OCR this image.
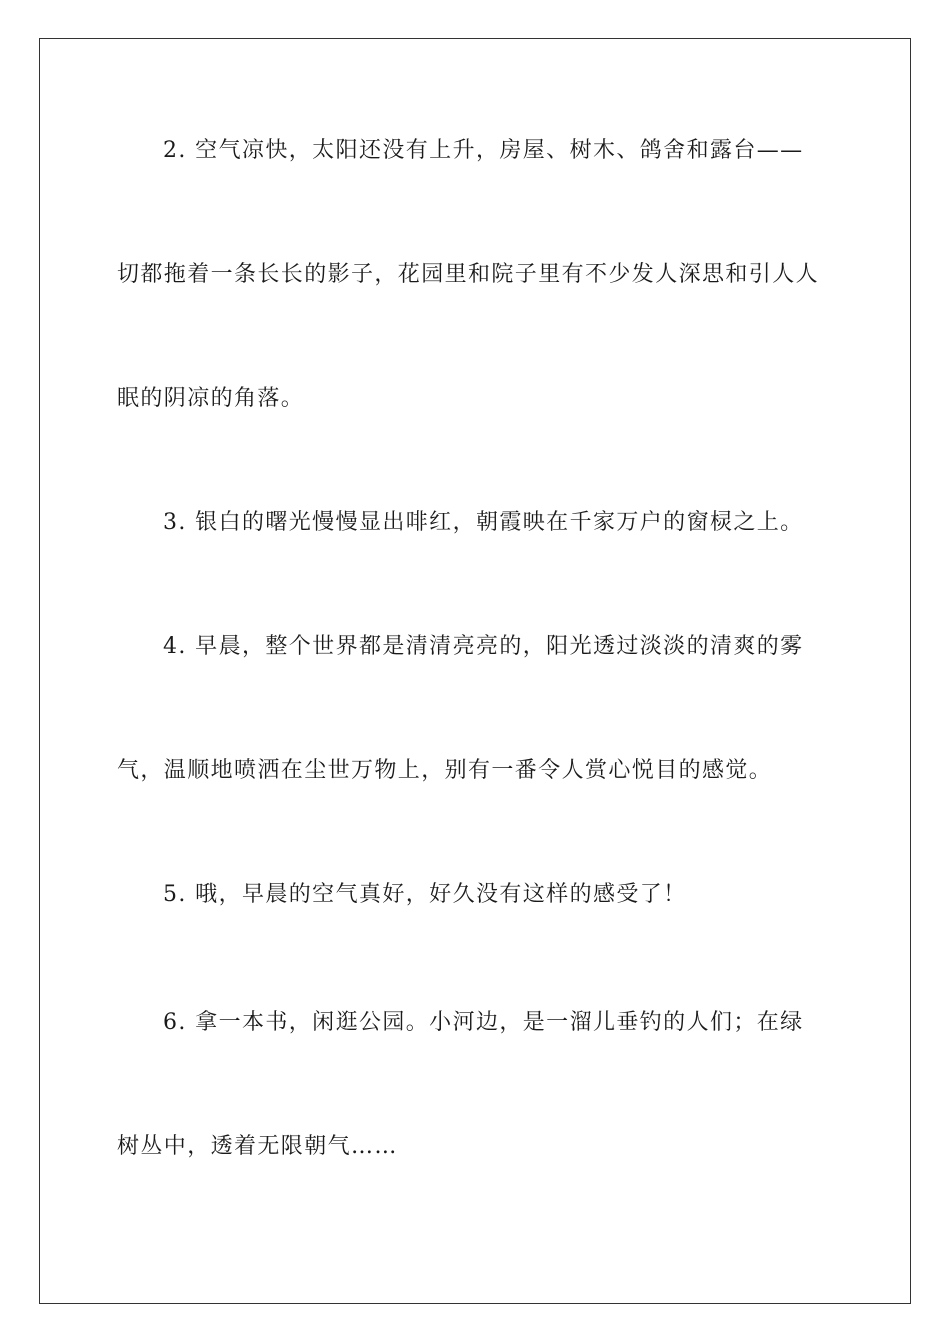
2. 空气凉快，太阳还没有上升，房屋、树木、鸽舍和露台——
切都拖着一条长长的影子，花园里和院子里有不少发人深思和引人人
眠的阴凉的角落。
3. 银白的曙光慢慢显出啡红，朝霞映在千家万户的窗棂之上。
4. 早晨，整个世界都是清清亮亮的，阳光透过淡淡的清爽的雾
气，温顺地喷洒在尘世万物上，别有一番令人赏心悦目的感觉。
5. 哦，早晨的空气真好，好久没有这样的感受了！
6. 拿一本书，闲逛公园。小河边，是一溜儿垂钓的人们；在绿
树丛中，透着无限朝气……
